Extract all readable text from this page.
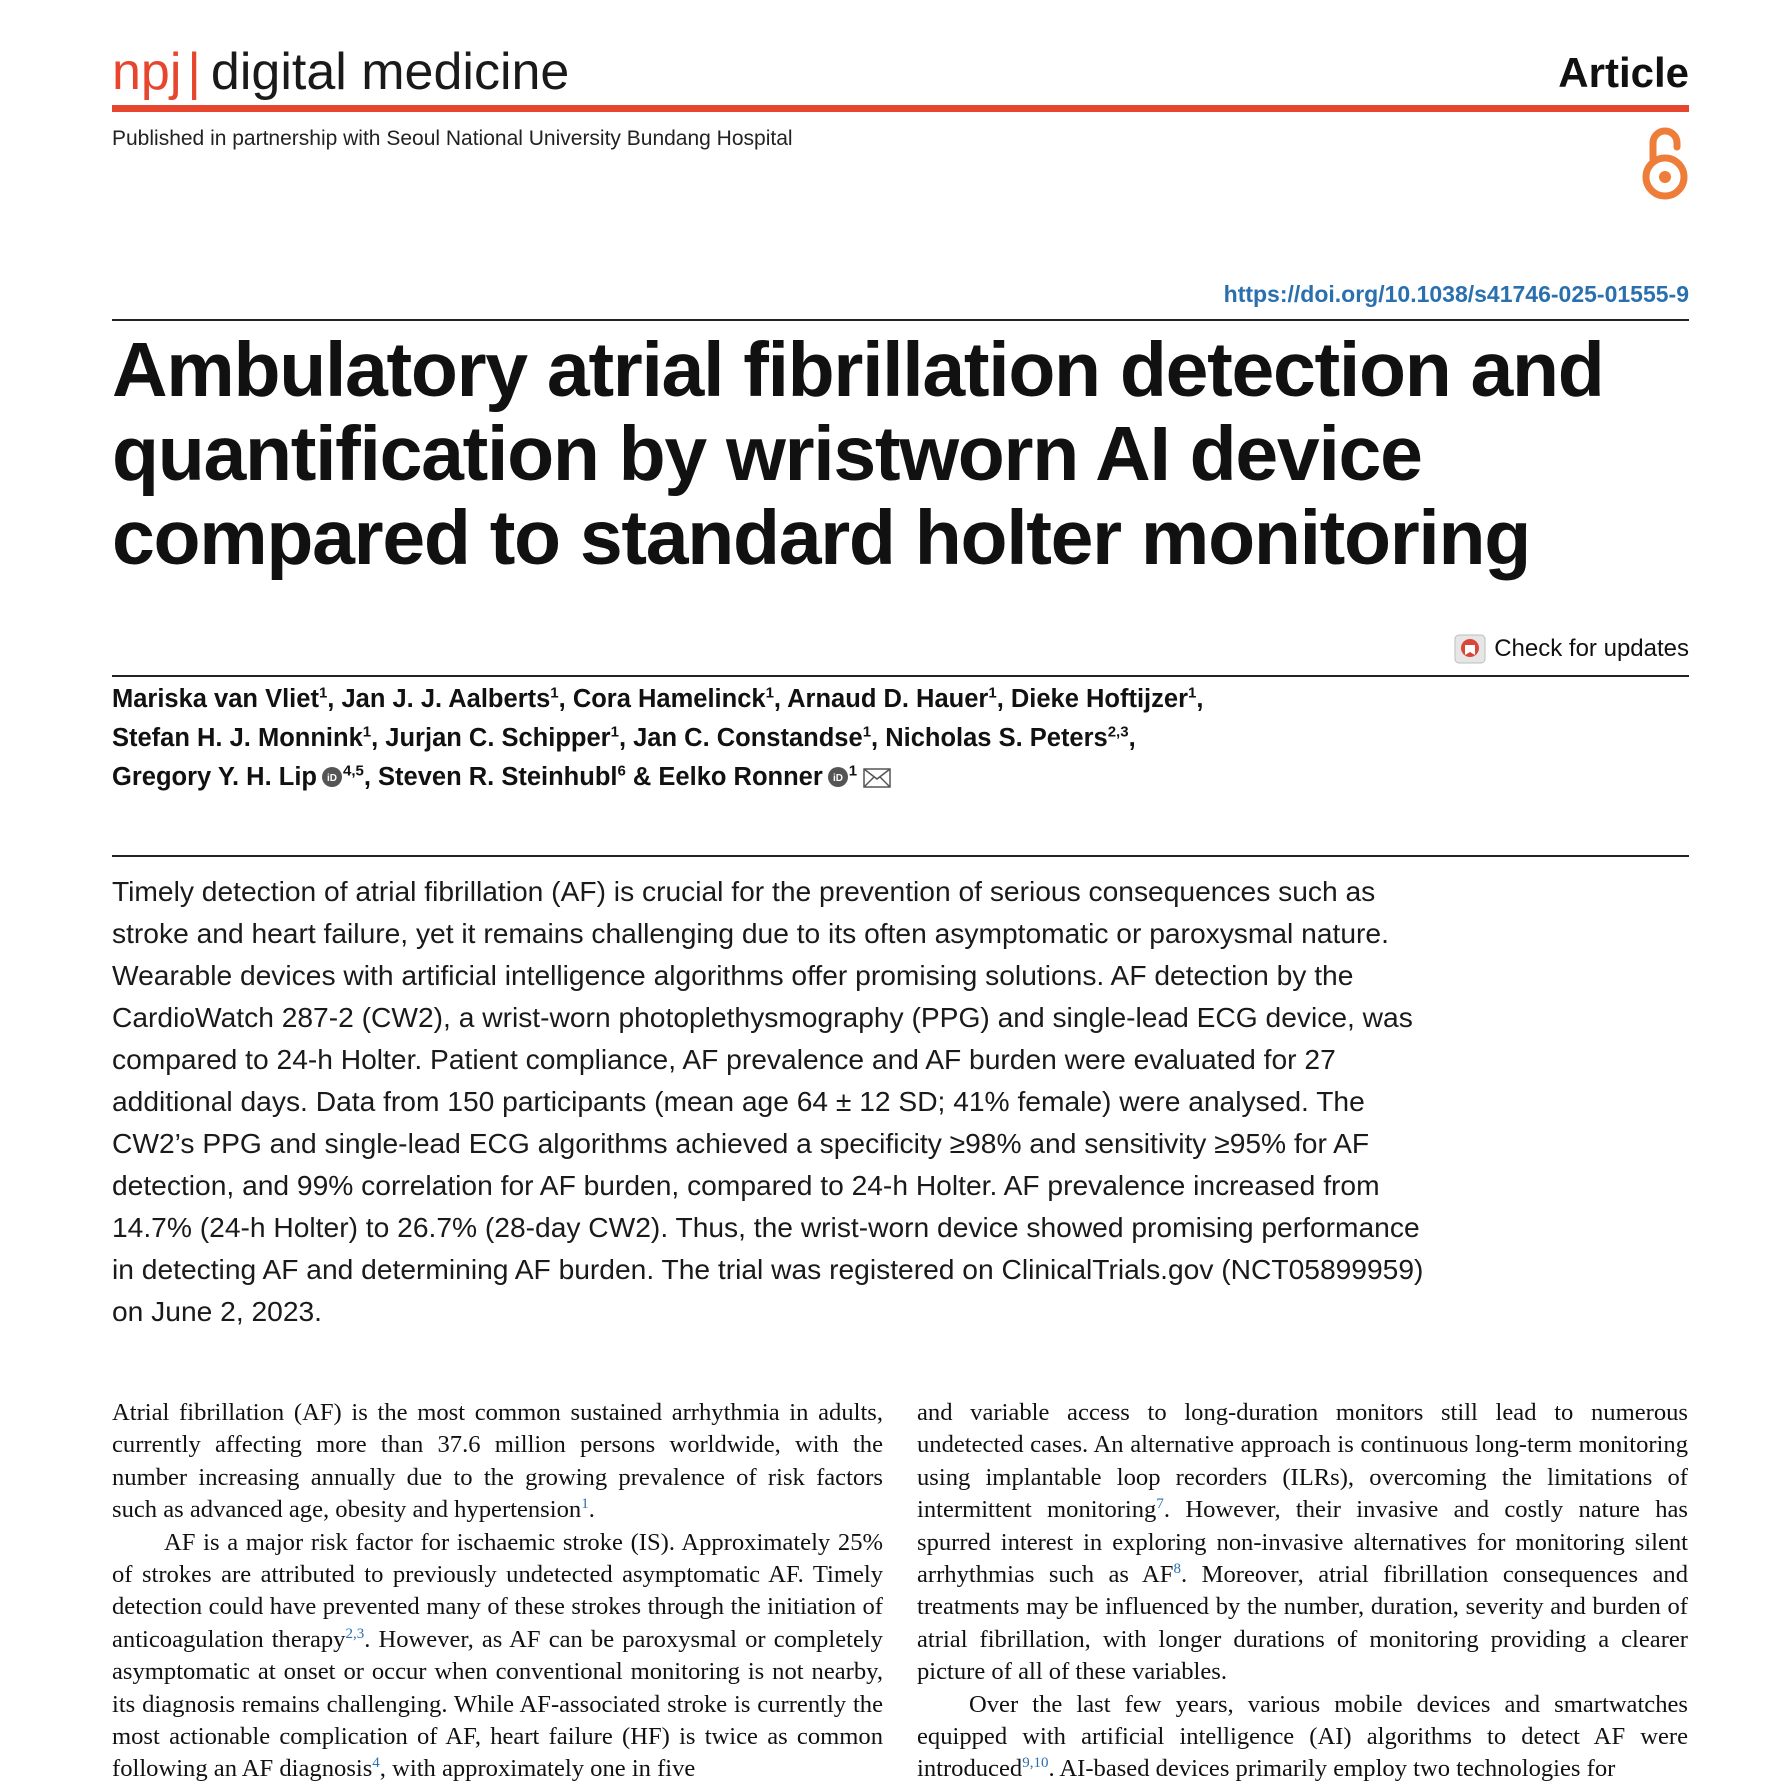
npj | digital medicine	Article
Published in partnership with Seoul National University Bundang Hospital
https://doi.org/10.1038/s41746-025-01555-9
Ambulatory atrial fibrillation detection and quantification by wristworn AI device compared to standard holter monitoring
Check for updates
Mariska van Vliet$^1$, Jan J. J. Aalberts$^1$, Cora Hamelinck$^1$, Arnaud D. Hauer$^1$, Dieke Hoftijzer$^1$,
Stefan H. J. Monnink$^1$, Jurjan C. Schipper$^1$, Jan C. Constandse$^1$, Nicholas S. Peters$^{2,3}$,
Gregory Y. H. Lip iD $^{4,5}$, Steven R. Steinhubl$^6$ & Eelko Ronner iD $^1$

Timely detection of atrial fibrillation (AF) is crucial for the prevention of serious consequences such as stroke and heart failure, yet it remains challenging due to its often asymptomatic or paroxysmal nature. Wearable devices with artificial intelligence algorithms offer promising solutions. AF detection by the CardioWatch 287-2 (CW2), a wrist-worn photoplethysmography (PPG) and single-lead ECG device, was compared to 24-h Holter. Patient compliance, AF prevalence and AF burden were evaluated for 27 additional days. Data from 150 participants (mean age 64 ± 12 SD; 41% female) were analysed. The CW2’s PPG and single-lead ECG algorithms achieved a specificity ≥98% and sensitivity ≥95% for AF detection, and 99% correlation for AF burden, compared to 24-h Holter. AF prevalence increased from 14.7% (24-h Holter) to 26.7% (28-day CW2). Thus, the wrist-worn device showed promising performance in detecting AF and determining AF burden. The trial was registered on ClinicalTrials.gov (NCT05899959) on June 2, 2023.

Atrial fibrillation (AF) is the most common sustained arrhythmia in adults, currently affecting more than 37.6 million persons worldwide, with the number increasing annually due to the growing prevalence of risk factors such as advanced age, obesity and hypertension$^1$.

AF is a major risk factor for ischaemic stroke (IS). Approximately 25% of strokes are attributed to previously undetected asymptomatic AF. Timely detection could have prevented many of these strokes through the initiation of anticoagulation therapy$^{2,3}$. However, as AF can be paroxysmal or completely asymptomatic at onset or occur when conventional monitoring is not nearby, its diagnosis remains challenging. While AF-associated stroke is currently the most actionable complication of AF, heart failure (HF) is twice as common following an AF diagnosis$^4$, with approximately one in five

and variable access to long-duration monitors still lead to numerous undetected cases. An alternative approach is continuous long-term monitoring using implantable loop recorders (ILRs), overcoming the limitations of intermittent monitoring$^7$. However, their invasive and costly nature has spurred interest in exploring non-invasive alternatives for monitoring silent arrhythmias such as AF$^8$. Moreover, atrial fibrillation consequences and treatments may be influenced by the number, duration, severity and burden of atrial fibrillation, with longer durations of monitoring providing a clearer picture of all of these variables.

Over the last few years, various mobile devices and smartwatches equipped with artificial intelligence (AI) algorithms to detect AF were introduced$^{9,10}$. AI-based devices primarily employ two technologies for
